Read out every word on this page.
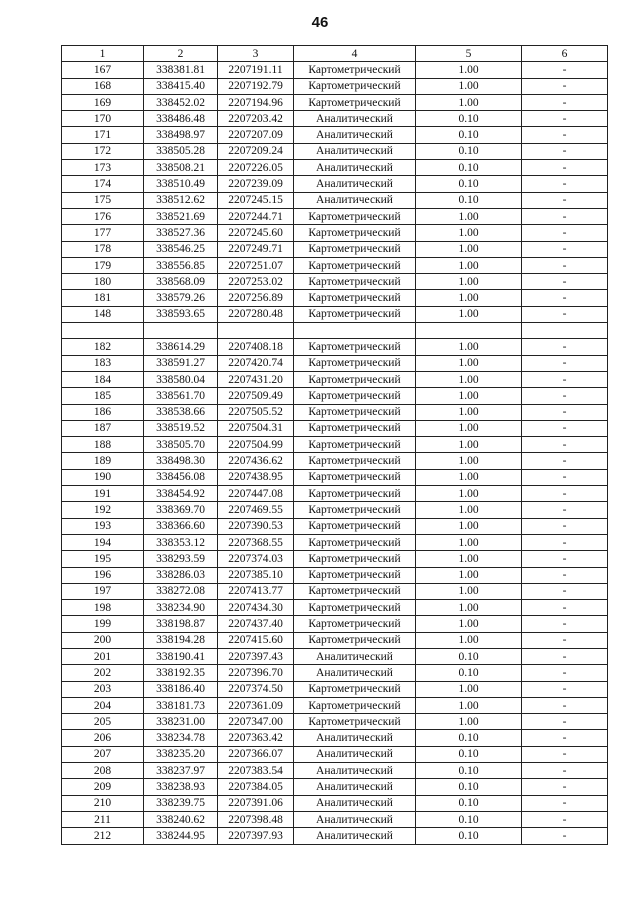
46
1	2	3	4	5	6
167	338381.81	2207191.11	Картометрический	1.00	-
168	338415.40	2207192.79	Картометрический	1.00	-
169	338452.02	2207194.96	Картометрический	1.00	-
170	338486.48	2207203.42	Аналитический	0.10	-
171	338498.97	2207207.09	Аналитический	0.10	-
172	338505.28	2207209.24	Аналитический	0.10	-
173	338508.21	2207226.05	Аналитический	0.10	-
174	338510.49	2207239.09	Аналитический	0.10	-
175	338512.62	2207245.15	Аналитический	0.10	-
176	338521.69	2207244.71	Картометрический	1.00	-
177	338527.36	2207245.60	Картометрический	1.00	-
178	338546.25	2207249.71	Картометрический	1.00	-
179	338556.85	2207251.07	Картометрический	1.00	-
180	338568.09	2207253.02	Картометрический	1.00	-
181	338579.26	2207256.89	Картометрический	1.00	-
148	338593.65	2207280.48	Картометрический	1.00	-

182	338614.29	2207408.18	Картометрический	1.00	-
183	338591.27	2207420.74	Картометрический	1.00	-
184	338580.04	2207431.20	Картометрический	1.00	-
185	338561.70	2207509.49	Картометрический	1.00	-
186	338538.66	2207505.52	Картометрический	1.00	-
187	338519.52	2207504.31	Картометрический	1.00	-
188	338505.70	2207504.99	Картометрический	1.00	-
189	338498.30	2207436.62	Картометрический	1.00	-
190	338456.08	2207438.95	Картометрический	1.00	-
191	338454.92	2207447.08	Картометрический	1.00	-
192	338369.70	2207469.55	Картометрический	1.00	-
193	338366.60	2207390.53	Картометрический	1.00	-
194	338353.12	2207368.55	Картометрический	1.00	-
195	338293.59	2207374.03	Картометрический	1.00	-
196	338286.03	2207385.10	Картометрический	1.00	-
197	338272.08	2207413.77	Картометрический	1.00	-
198	338234.90	2207434.30	Картометрический	1.00	-
199	338198.87	2207437.40	Картометрический	1.00	-
200	338194.28	2207415.60	Картометрический	1.00	-
201	338190.41	2207397.43	Аналитический	0.10	-
202	338192.35	2207396.70	Аналитический	0.10	-
203	338186.40	2207374.50	Картометрический	1.00	-
204	338181.73	2207361.09	Картометрический	1.00	-
205	338231.00	2207347.00	Картометрический	1.00	-
206	338234.78	2207363.42	Аналитический	0.10	-
207	338235.20	2207366.07	Аналитический	0.10	-
208	338237.97	2207383.54	Аналитический	0.10	-
209	338238.93	2207384.05	Аналитический	0.10	-
210	338239.75	2207391.06	Аналитический	0.10	-
211	338240.62	2207398.48	Аналитический	0.10	-
212	338244.95	2207397.93	Аналитический	0.10	-
